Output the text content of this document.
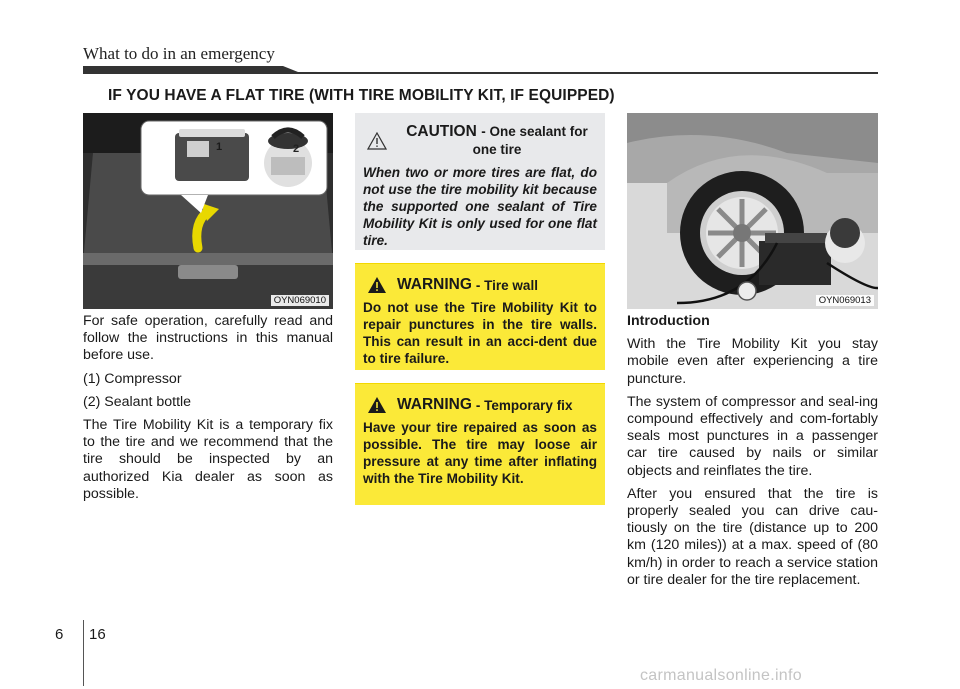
What to do in an emergency
IF YOU HAVE A FLAT TIRE (WITH TIRE MOBILITY KIT, IF EQUIPPED)
1	2
OYN069010

For safe operation, carefully read and follow the instructions in this manual before use.

(1) Compressor

(2) Sealant bottle

The Tire Mobility Kit is a temporary fix to the tire and we recommend that the tire should be inspected by an authorized Kia dealer as soon as possible.

CAUTION - One sealant for one tire
When two or more tires are flat, do not use the tire mobility kit because the supported one sealant of Tire Mobility Kit is only used for one flat tire.
WARNING - Tire wall
Do not use the Tire Mobility Kit to repair punctures in the tire walls. This can result in an acci-dent due to tire failure.
WARNING - Temporary fix
Have your tire repaired as soon as possible. The tire may loose air pressure at any time after inflating with the Tire Mobility Kit.
OYN069013

Introduction

With the Tire Mobility Kit you stay mobile even after experiencing a tire puncture.

The system of compressor and seal-ing compound effectively and com-fortably seals most punctures in a passenger car tire caused by nails or similar objects and reinflates the tire.

After you ensured that the tire is properly sealed you can drive cau-tiously on the tire (distance up to 200 km (120 miles)) at a max. speed of (80 km/h) in order to reach a service station or tire dealer for the tire replacement.

6 16
carmanualsonline.info
